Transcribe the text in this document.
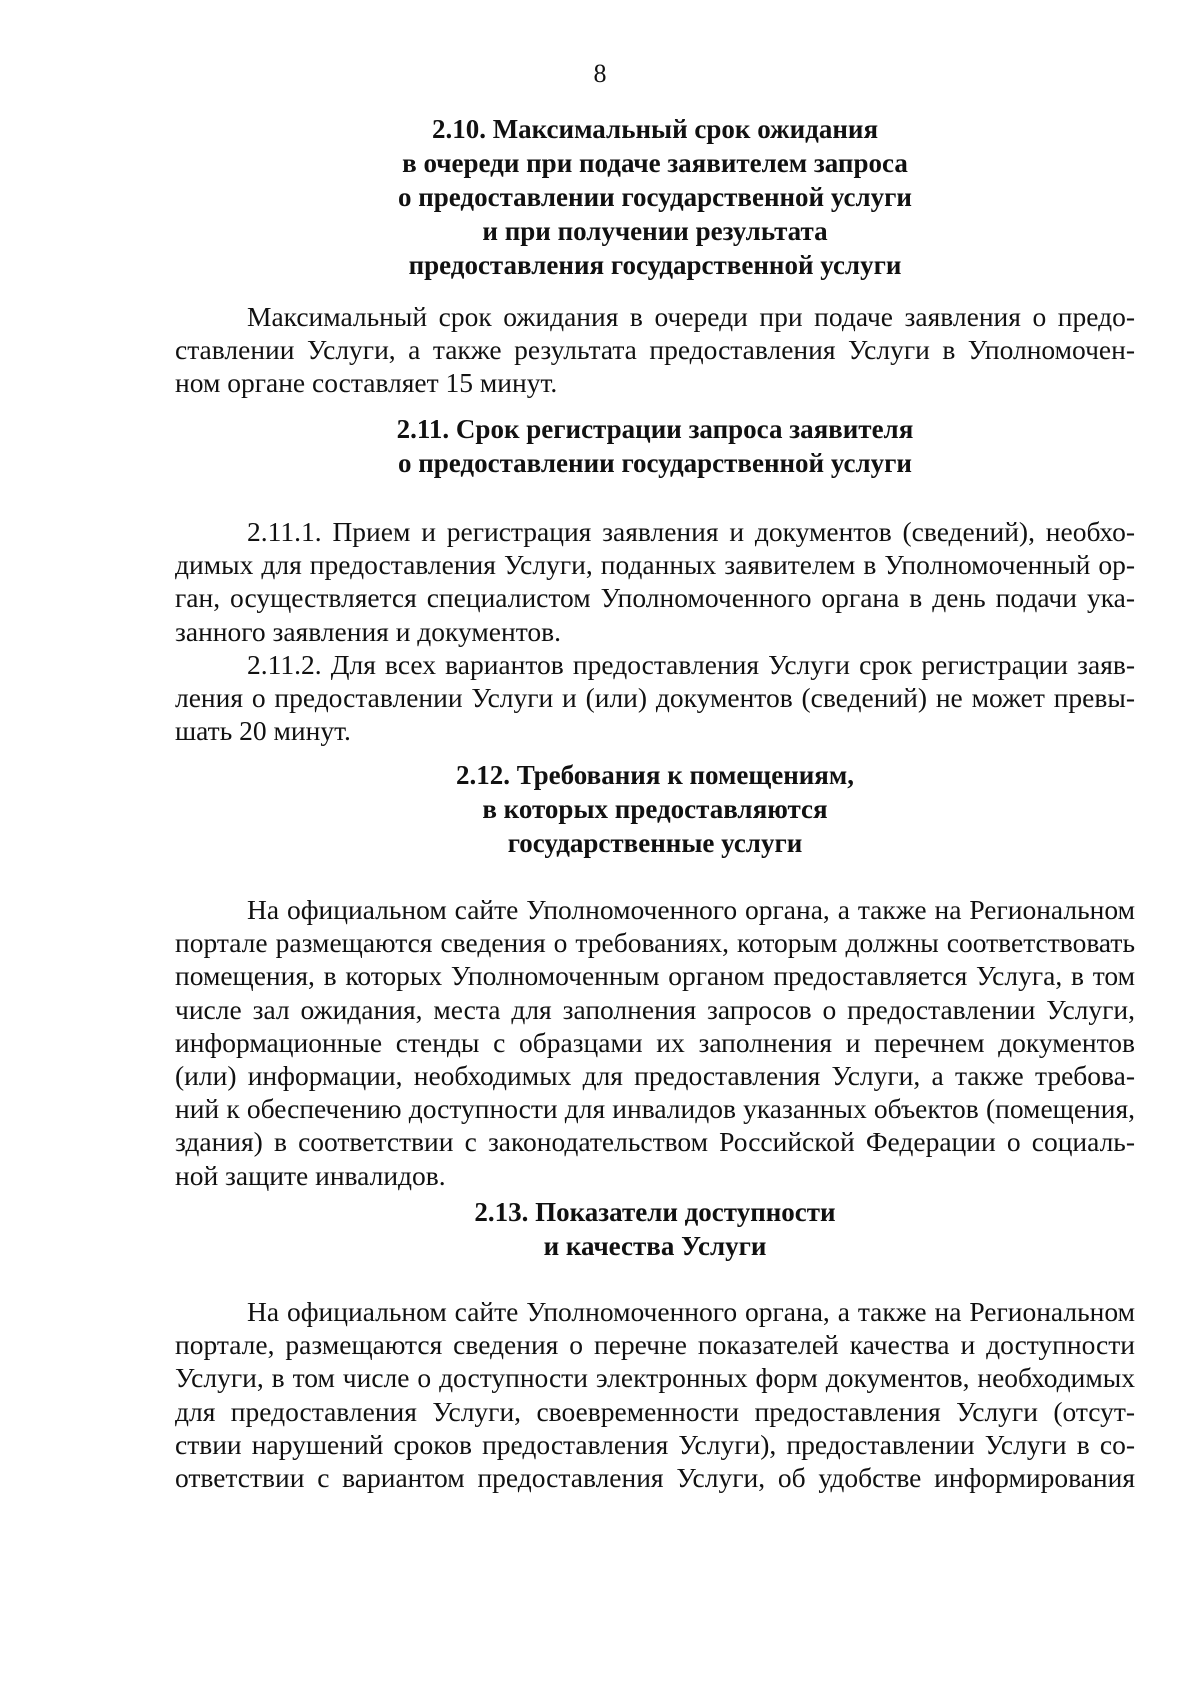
8
2.10. Максимальный срок ожидания
в очереди при подаче заявителем запроса
о предоставлении государственной услуги
и при получении результата
предоставления государственной услуги
Максимальный срок ожидания в очереди при подаче заявления о предо-
ставлении Услуги, а также результата предоставления Услуги в Уполномочен-
ном органе составляет 15 минут.
2.11. Срок регистрации запроса заявителя
о предоставлении государственной услуги
2.11.1. Прием и регистрация заявления и документов (сведений), необхо-
димых для предоставления Услуги, поданных заявителем в Уполномоченный ор-
ган, осуществляется специалистом Уполномоченного органа в день подачи ука-
занного заявления и документов.
2.11.2. Для всех вариантов предоставления Услуги срок регистрации заяв-
ления о предоставлении Услуги и (или) документов (сведений) не может превы-
шать 20 минут.
2.12. Требования к помещениям,
в которых предоставляются
государственные услуги
На официальном сайте Уполномоченного органа, а также на Региональном
портале размещаются сведения о требованиях, которым должны соответствовать
помещения, в которых Уполномоченным органом предоставляется Услуга, в том
числе зал ожидания, места для заполнения запросов о предоставлении Услуги,
информационные стенды с образцами их заполнения и перечнем документов
(или) информации, необходимых для предоставления Услуги, а также требова-
ний к обеспечению доступности для инвалидов указанных объектов (помещения,
здания) в соответствии с законодательством Российской Федерации о социаль-
ной защите инвалидов.
2.13. Показатели доступности
и качества Услуги
На официальном сайте Уполномоченного органа, а также на Региональном
портале, размещаются сведения о перечне показателей качества и доступности
Услуги, в том числе о доступности электронных форм документов, необходимых
для предоставления Услуги, своевременности предоставления Услуги (отсут-
ствии нарушений сроков предоставления Услуги), предоставлении Услуги в со-
ответствии с вариантом предоставления Услуги, об удобстве информирования
